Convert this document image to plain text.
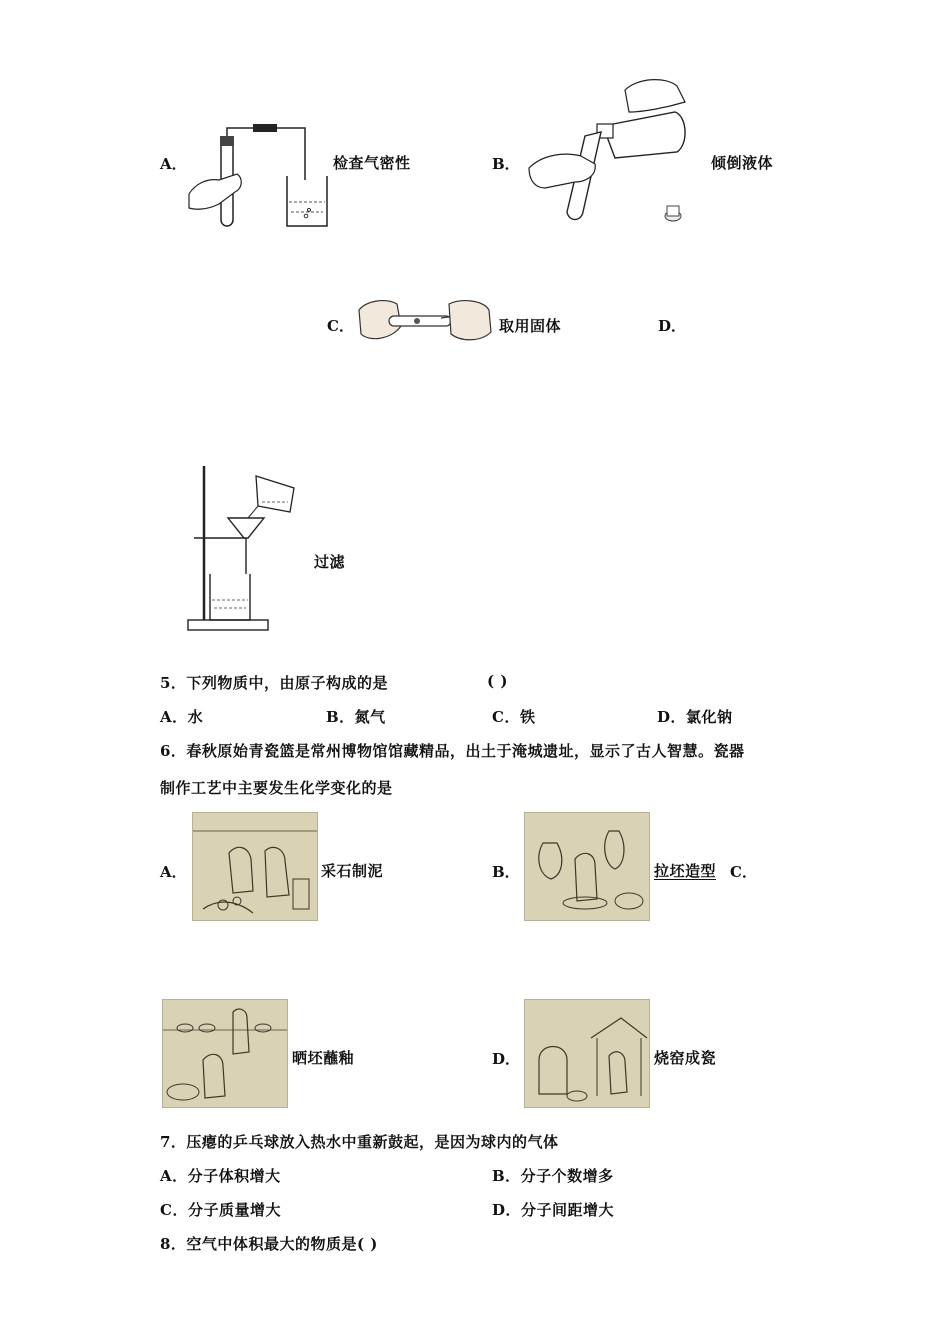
A．	检查气密性	B．	倾倒液体
C．	取用固体	D．
过滤
5．下列物质中，由原子构成的是	( )
A．水	B．氮气	C．铁	D．氯化钠
6．春秋原始青瓷篮是常州博物馆馆藏精品，出土于淹城遗址，显示了古人智慧。瓷器
制作工艺中主要发生化学变化的是
A．	采石制泥	B．	拉坯造型 C．
晒坯蘸釉	D．	烧窑成瓷
7．压瘪的乒乓球放入热水中重新鼓起，是因为球内的气体
A．分子体积增大	B．分子个数增多
C．分子质量增大	D．分子间距增大
8．空气中体积最大的物质是( )
